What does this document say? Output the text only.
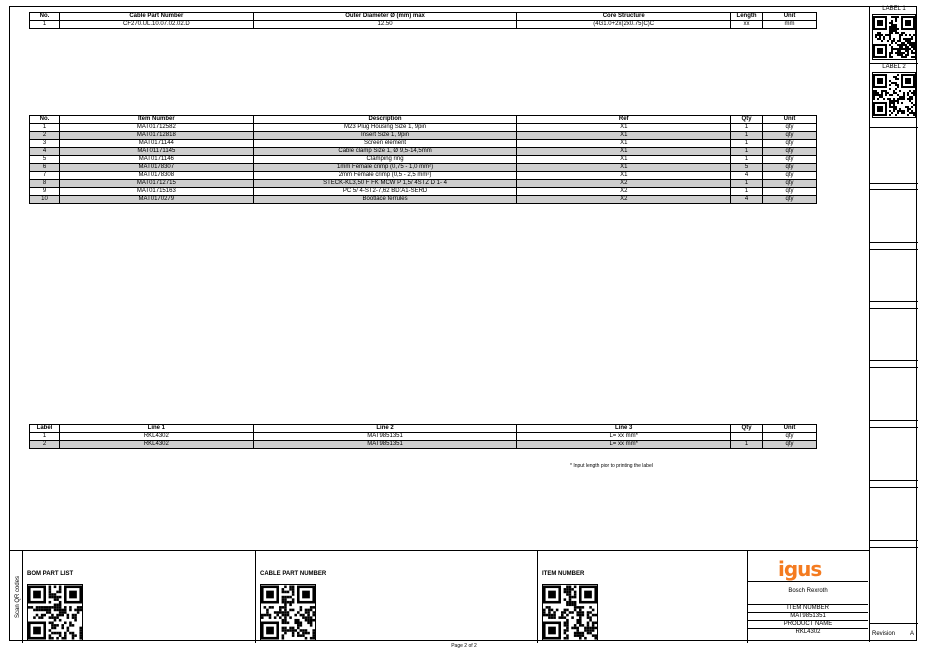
No.	Cable Part Number	Outer Diameter Ø (mm) max	Core Structure	Length	Unit
1	CF270.UL.10.07.02.02.D	12.50	(4G1.0+2x(2x0.75)C)C	xx	mm
No.	Item Number	Description	Ref	Qty	Unit
1	MAT01712582	M23 Plug Housing Size 1, 9pin	X1	1	qty
2	MAT01712818	Insert Size 1, 9pin	X1	1	qty
3	MAT0171144	Screen element	X1	1	qty
4	MAT01171145	Cable clamp Size 1, Ø 9,5-14,5mm	X1	1	qty
5	MAT0171146	Clamping ring	X1	1	qty
6	MAT0178307	1mm Female crimp (0,75 - 1,0 mm²)	X1	5	qty
7	MAT0178308	2mm Female crimp (0,5 - 2,5 mm²)	X1	4	qty
8	MAT01712715	STECK-KL3,50 F FK MCW P 1,5/ 4STZ D 1- 4	X2	1	qty
9	MAT01715163	PC 5/ 4-ST2-7,62 BD:A1-SERD	X2	1	qty
10	MAT0170279	Bootlace ferrules	X2	4	qty
Label	Line 1	Line 2	Line 3	Qty	Unit
1	RKL4302	MAT9851351	L= xx mm*		qty
2	RKL4302	MAT9851351	L= xx mm*	1	qty
* Input length pior to printing the label
LABEL 1
LABEL 2
Revision A
Scan QR codes
BOM PART LIST	CABLE PART NUMBER	ITEM NUMBER	igus
Bosch Rexroth
ITEM NUMBER
MAT9851351
PRODUCT NAME
RKL4302
Page 2 of 2
